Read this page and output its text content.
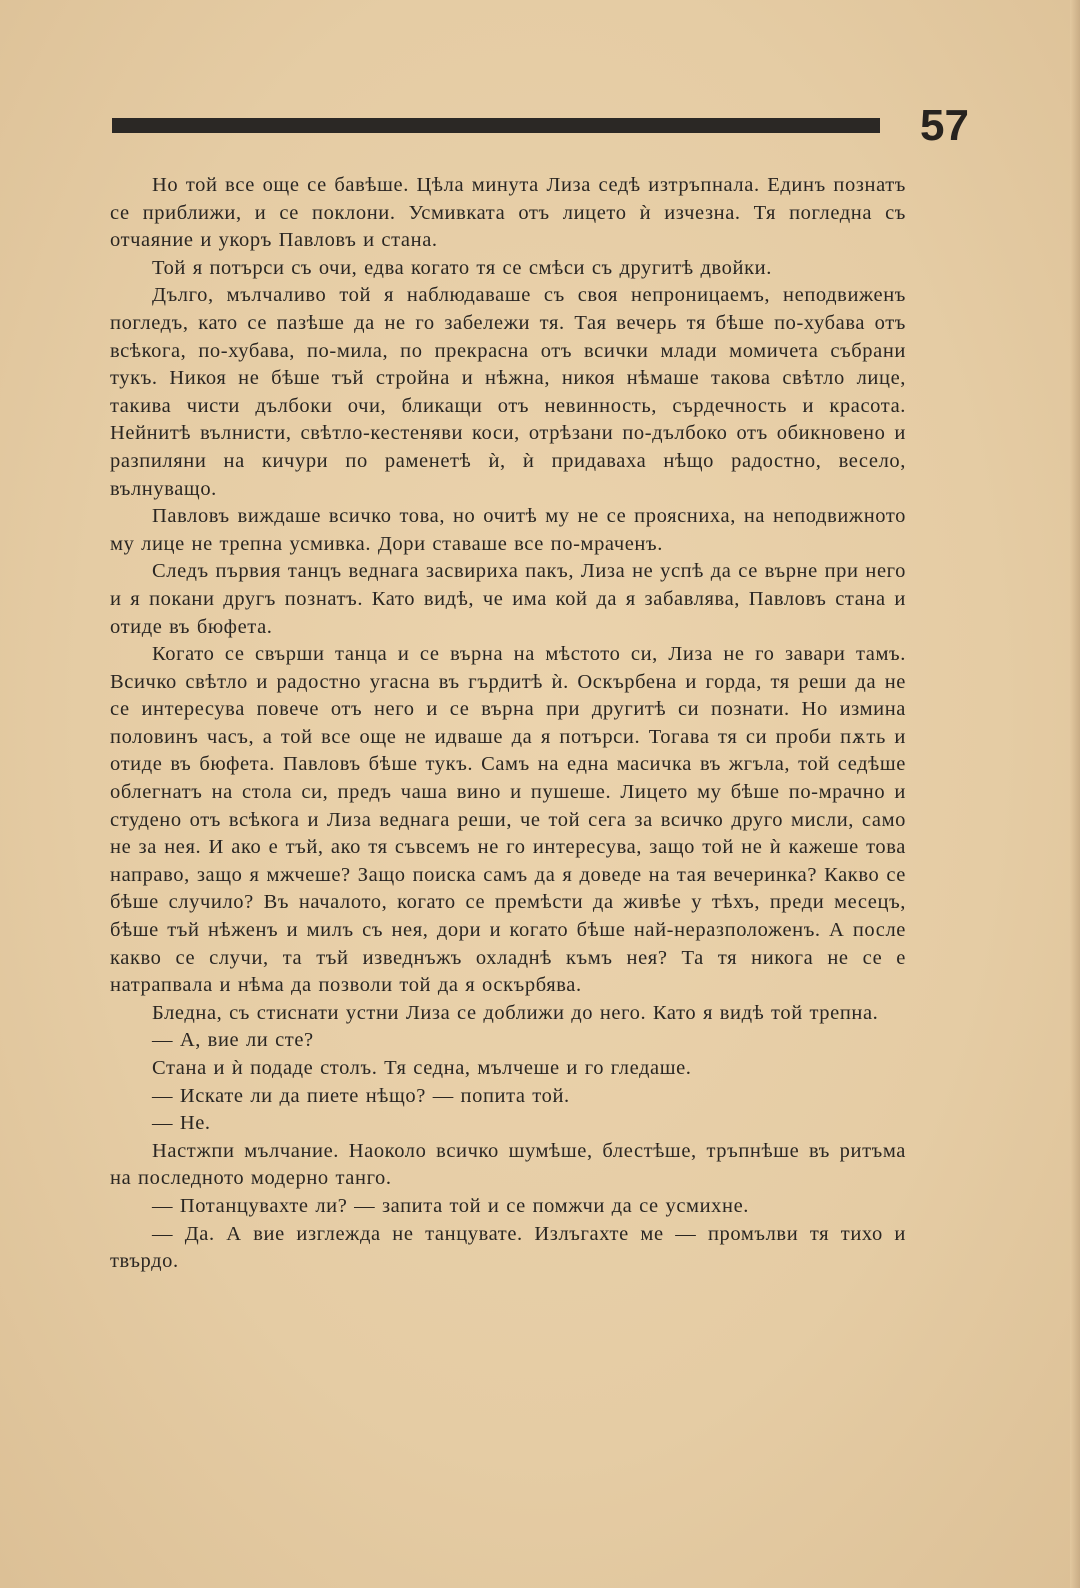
57

Но той все още се бавѣше. Цѣла минута Лиза седѣ изтръпнала. Единъ познатъ се приближи, и се поклони. Усмивката отъ лицето ѝ изчезна. Тя погледна съ отчаяние и укоръ Павловъ и стана.

Той я потърси съ очи, едва когато тя се смѣси съ другитѣ двойки.

Дълго, мълчаливо той я наблюдаваше съ своя непроницаемъ, неподвиженъ погледъ, като се пазѣше да не го забележи тя. Тая вечерь тя бѣше по-хубава отъ всѣкога, по-хубава, по-мила, по прекрасна отъ всички млади момичета събрани тукъ. Никоя не бѣше тъй стройна и нѣжна, никоя нѣмаше такова свѣтло лице, такива чисти дълбоки очи, бликащи отъ невинность, сърдечность и красота. Нейнитѣ вълнисти, свѣтло-кестеняви коси, отрѣзани по-дълбоко отъ обикновено и разпиляни на кичури по раменетѣ ѝ, ѝ придаваха нѣщо радостно, весело, вълнуващо.

Павловъ виждаше всичко това, но очитѣ му не се проясниха, на неподвижното му лице не трепна усмивка. Дори ставаше все по-мраченъ.

Следъ първия танцъ веднага засвириха пакъ, Лиза не успѣ да се върне при него и я покани другъ познатъ. Като видѣ, че има кой да я забавлява, Павловъ стана и отиде въ бюфета.

Когато се свърши танца и се върна на мѣстото си, Лиза не го завари тамъ. Всичко свѣтло и радостно угасна въ гърдитѣ ѝ. Оскърбена и горда, тя реши да не се интересува повече отъ него и се върна при другитѣ си познати. Но измина половинъ часъ, а той все още не идваше да я потърси. Тогава тя си проби пѫть и отиде въ бюфета. Павловъ бѣше тукъ. Самъ на една масичка въ жгъла, той седѣше облегнатъ на стола си, предъ чаша вино и пушеше. Лицето му бѣше по-мрачно и студено отъ всѣкога и Лиза веднага реши, че той сега за всичко друго мисли, само не за нея. И ако е тъй, ако тя съвсемъ не го интересува, защо той не ѝ кажеше това направо, защо я мжчеше? Защо поиска самъ да я доведе на тая вечеринка? Какво се бѣше случило? Въ началото, когато се премѣсти да живѣе у тѣхъ, преди месецъ, бѣше тъй нѣженъ и милъ съ нея, дори и когато бѣше най-неразположенъ. А после какво се случи, та тъй изведнъжъ охладнѣ къмъ нея? Та тя никога не се е натрапвала и нѣма да позволи той да я оскърбява.

Бледна, съ стиснати устни Лиза се доближи до него. Като я видѣ той трепна.

— А, вие ли сте?

Стана и ѝ подаде столъ. Тя седна, мълчеше и го гледаше.

— Искате ли да пиете нѣщо? — попита той.

— Не.

Настжпи мълчание. Наоколо всичко шумѣше, блестѣше, тръпнѣше въ ритъма на последното модерно танго.

— Потанцувахте ли? — запита той и се помжчи да се усмихне.

— Да. А вие изглежда не танцувате. Излъгахте ме — промълви тя тихо и твърдо.
